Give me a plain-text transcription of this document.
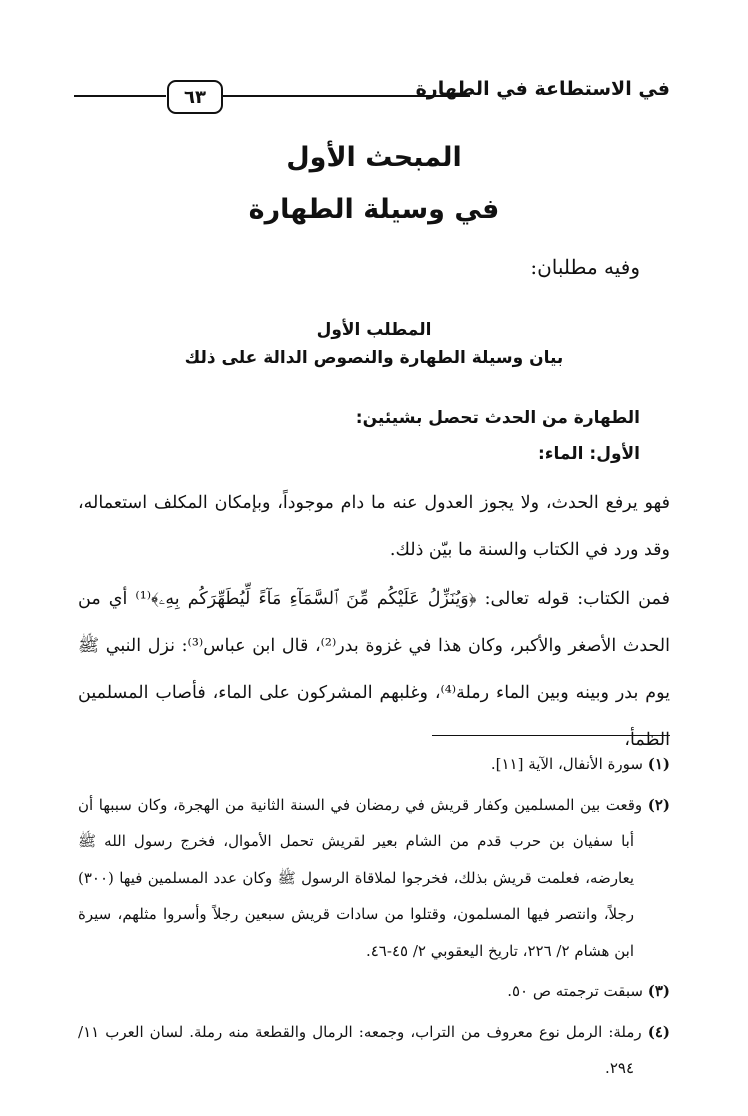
في الاستطاعة في الطهارة
٦٣
المبحث الأول
في وسيلة الطهارة
وفيه مطلبان:
المطلب الأول
بيان وسيلة الطهارة والنصوص الدالة على ذلك
الطهارة من الحدث تحصل بشيئين:
الأول: الماء:

فهو يرفع الحدث، ولا يجوز العدول عنه ما دام موجوداً، وبإمكان المكلف استعماله، وقد ورد في الكتاب والسنة ما بيّن ذلك.

فمن الكتاب: قوله تعالى: ﴿وَيُنَزِّلُ عَلَيْكُم مِّنَ ٱلسَّمَآءِ مَآءً لِّيُطَهِّرَكُم بِهِۦ﴾⁽¹⁾ أي من الحدث الأصغر والأكبر، وكان هذا في غزوة بدر⁽²⁾، قال ابن عباس⁽³⁾: نزل النبي ﷺ يوم بدر وبينه وبين الماء رملة⁽⁴⁾، وغلبهم المشركون على الماء، فأصاب المسلمين الظمأ،

(١) سورة الأنفال، الآية [١١].

(٢) وقعت بين المسلمين وكفار قريش في رمضان في السنة الثانية من الهجرة، وكان سببها أن أبا سفيان بن حرب قدم من الشام بعير لقريش تحمل الأموال، فخرج رسول الله ﷺ يعارضه، فعلمت قريش بذلك، فخرجوا لملاقاة الرسول ﷺ وكان عدد المسلمين فيها (٣٠٠) رجلاً، وانتصر فيها المسلمون، وقتلوا من سادات قريش سبعين رجلاً وأسروا مثلهم، سيرة ابن هشام ٢/ ٢٢٦، تاريخ اليعقوبي ٢/ ٤٥-٤٦.

(٣) سبقت ترجمته ص ٥٠.

(٤) رملة: الرمل نوع معروف من التراب، وجمعه: الرمال والقطعة منه رملة. لسان العرب ١١/ ٢٩٤.
